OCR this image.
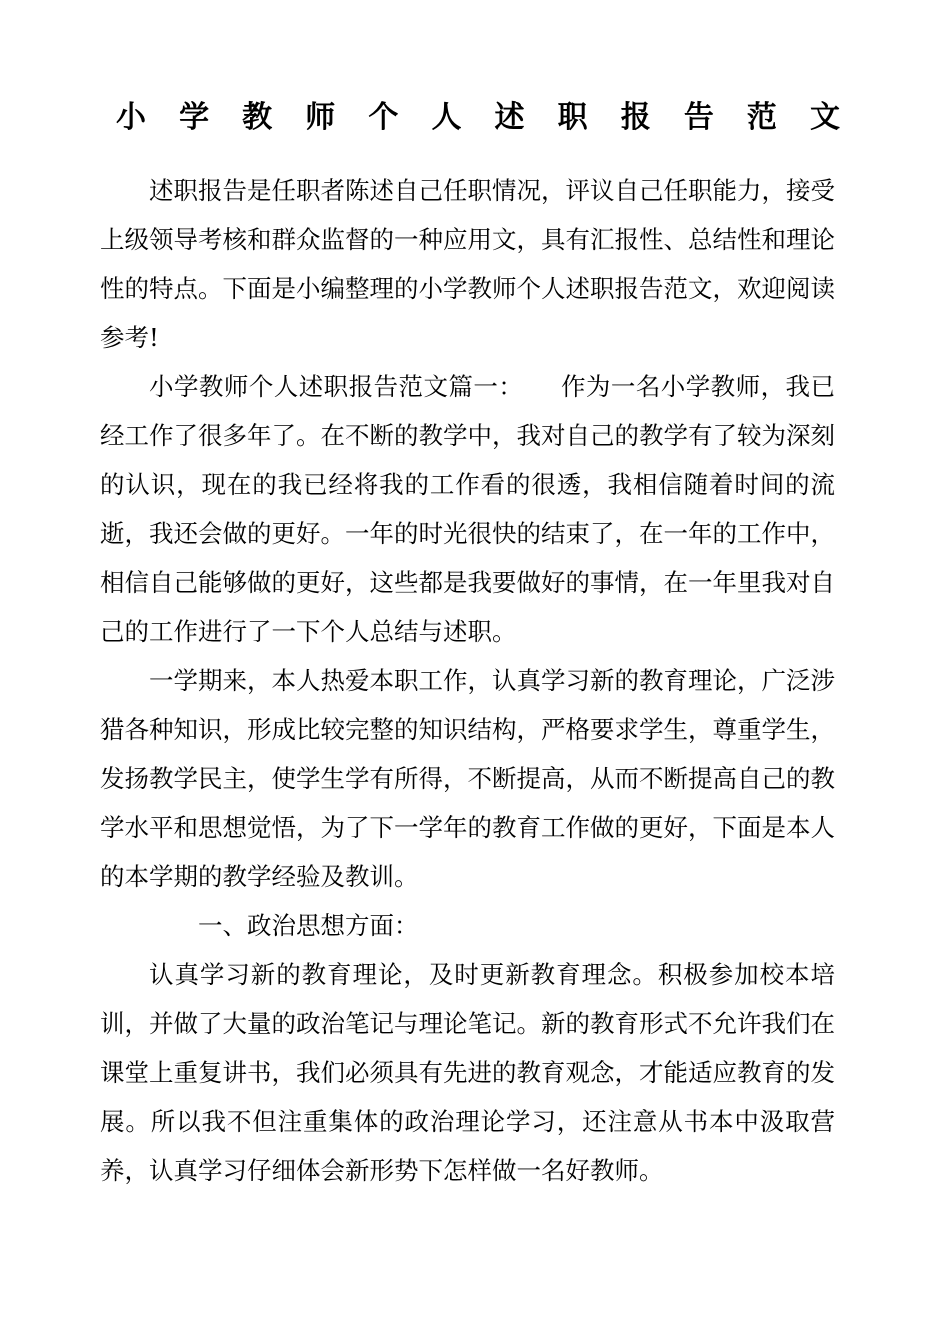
小学教师个人述职报告范文

述职报告是任职者陈述自己任职情况，评议自己任职能力，接受上级领导考核和群众监督的一种应用文，具有汇报性、总结性和理论性的特点。下面是小编整理的小学教师个人述职报告范文，欢迎阅读参考!

小学教师个人述职报告范文篇一：　　作为一名小学教师，我已经工作了很多年了。在不断的教学中，我对自己的教学有了较为深刻的认识，现在的我已经将我的工作看的很透，我相信随着时间的流逝，我还会做的更好。一年的时光很快的结束了，在一年的工作中，相信自己能够做的更好，这些都是我要做好的事情，在一年里我对自己的工作进行了一下个人总结与述职。

一学期来，本人热爱本职工作，认真学习新的教育理论，广泛涉猎各种知识，形成比较完整的知识结构，严格要求学生，尊重学生，发扬教学民主，使学生学有所得，不断提高，从而不断提高自己的教学水平和思想觉悟，为了下一学年的教育工作做的更好，下面是本人的本学期的教学经验及教训。

一、政治思想方面：

认真学习新的教育理论，及时更新教育理念。积极参加校本培训，并做了大量的政治笔记与理论笔记。新的教育形式不允许我们在课堂上重复讲书，我们必须具有先进的教育观念，才能适应教育的发展。所以我不但注重集体的政治理论学习，还注意从书本中汲取营养，认真学习仔细体会新形势下怎样做一名好教师。
